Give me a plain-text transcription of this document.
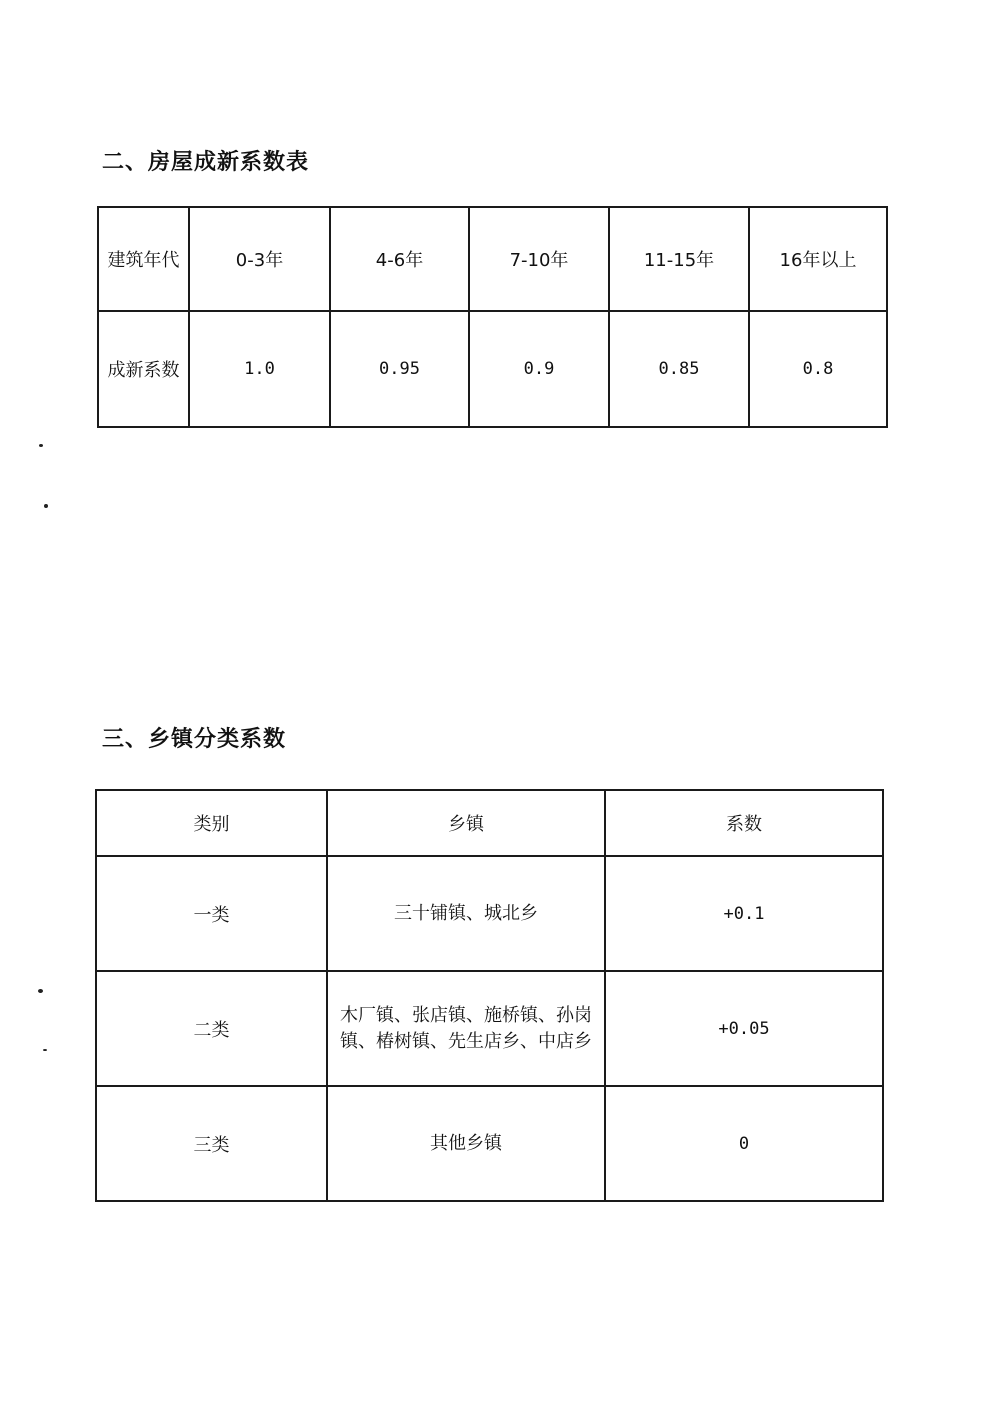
二、房屋成新系数表
建筑年代	0-3年	4-6年	7-10年	11-15年	16年以上
成新系数	1.0	0.95	0.9	0.85	0.8
三、乡镇分类系数
类别	乡镇	系数
一类	三十铺镇、城北乡	+0.1
二类	木厂镇、张店镇、施桥镇、孙岗镇、椿树镇、先生店乡、中店乡	+0.05
三类	其他乡镇	0
